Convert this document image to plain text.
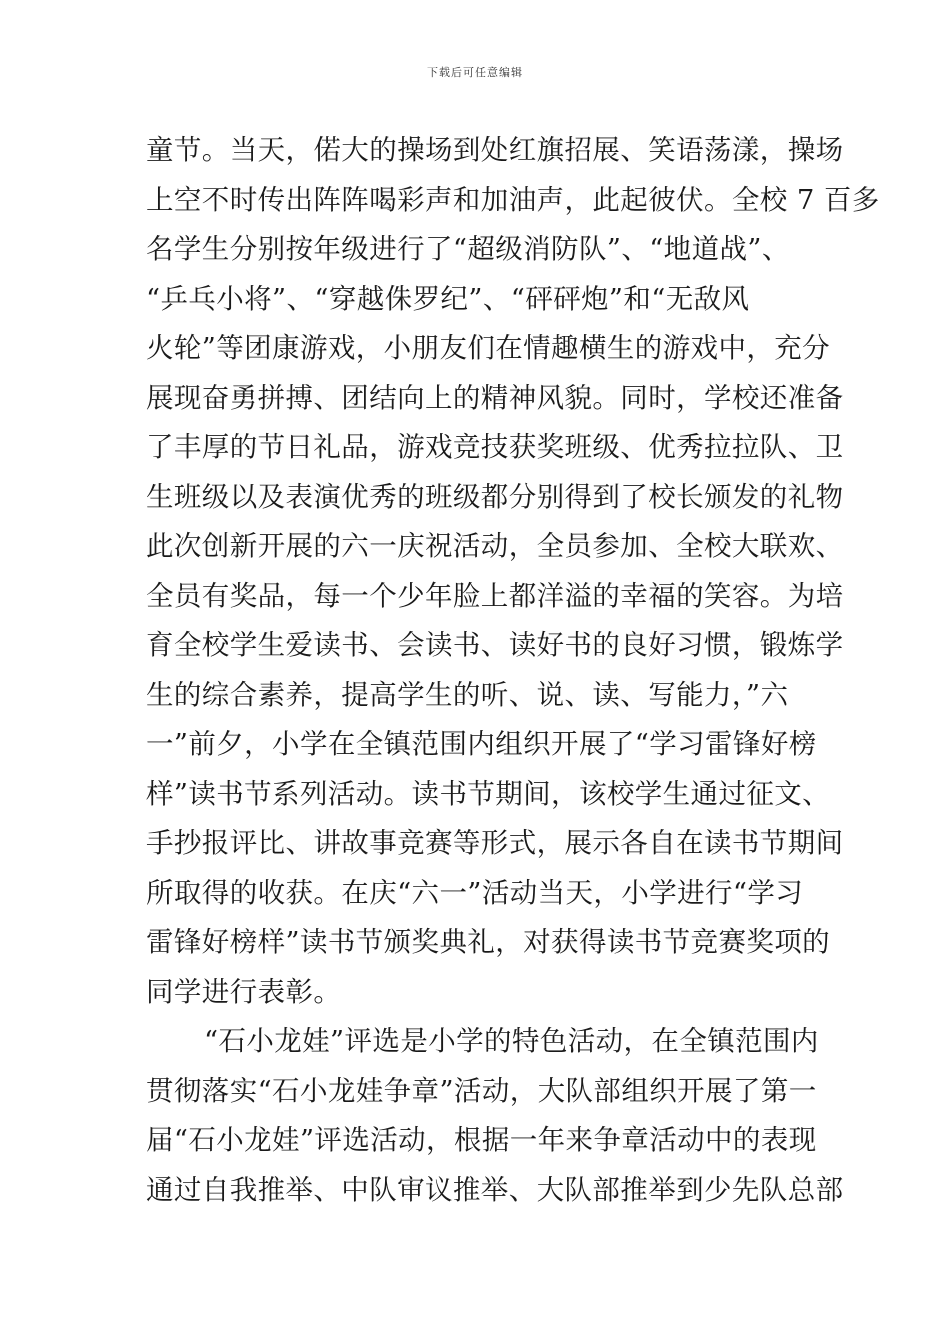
下载后可任意编辑
童节。当天，偌大的操场到处红旗招展、笑语荡漾，操场
上空不时传出阵阵喝彩声和加油声，此起彼伏。全校 7 百多
名学生分别按年级进行了“超级消防队”、“地道战”、
“乒乓小将”、“穿越侏罗纪”、“砰砰炮”和“无敌风
火轮”等团康游戏，小朋友们在情趣横生的游戏中，充分
展现奋勇拼搏、团结向上的精神风貌。同时，学校还准备
了丰厚的节日礼品，游戏竞技获奖班级、优秀拉拉队、卫
生班级以及表演优秀的班级都分别得到了校长颁发的礼物
此次创新开展的六一庆祝活动，全员参加、全校大联欢、
全员有奖品，每一个少年脸上都洋溢的幸福的笑容。为培
育全校学生爱读书、会读书、读好书的良好习惯，锻炼学
生的综合素养，提高学生的听、说、读、写能力，”六
一”前夕，小学在全镇范围内组织开展了“学习雷锋好榜
样”读书节系列活动。读书节期间，该校学生通过征文、
手抄报评比、讲故事竞赛等形式，展示各自在读书节期间
所取得的收获。在庆“六一”活动当天，小学进行“学习
雷锋好榜样”读书节颁奖典礼，对获得读书节竞赛奖项的
同学进行表彰。
“石小龙娃”评选是小学的特色活动，在全镇范围内
贯彻落实“石小龙娃争章”活动，大队部组织开展了第一
届“石小龙娃”评选活动，根据一年来争章活动中的表现
通过自我推举、中队审议推举、大队部推举到少先队总部
